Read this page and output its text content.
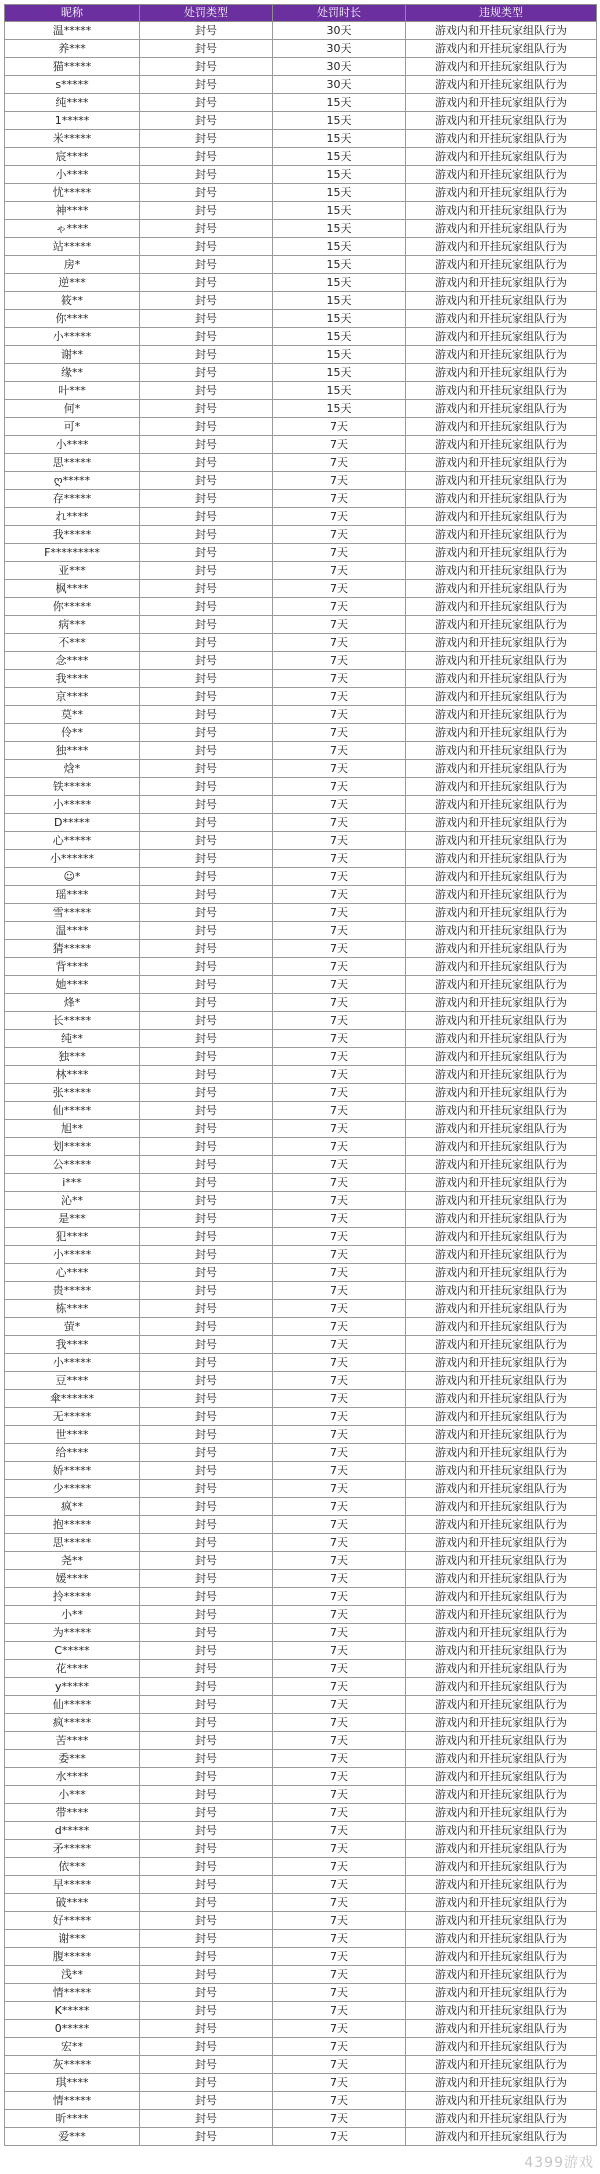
昵称	处罚类型	处罚时长	违规类型
温*****	封号	30天	游戏内和开挂玩家组队行为
养***	封号	30天	游戏内和开挂玩家组队行为
猫*****	封号	30天	游戏内和开挂玩家组队行为
s*****	封号	30天	游戏内和开挂玩家组队行为
纯****	封号	15天	游戏内和开挂玩家组队行为
1*****	封号	15天	游戏内和开挂玩家组队行为
米*****	封号	15天	游戏内和开挂玩家组队行为
宸****	封号	15天	游戏内和开挂玩家组队行为
小****	封号	15天	游戏内和开挂玩家组队行为
忧*****	封号	15天	游戏内和开挂玩家组队行为
神****	封号	15天	游戏内和开挂玩家组队行为
ゃ****	封号	15天	游戏内和开挂玩家组队行为
站*****	封号	15天	游戏内和开挂玩家组队行为
房*	封号	15天	游戏内和开挂玩家组队行为
逆***	封号	15天	游戏内和开挂玩家组队行为
筱**	封号	15天	游戏内和开挂玩家组队行为
你****	封号	15天	游戏内和开挂玩家组队行为
小*****	封号	15天	游戏内和开挂玩家组队行为
谢**	封号	15天	游戏内和开挂玩家组队行为
缘**	封号	15天	游戏内和开挂玩家组队行为
叶***	封号	15天	游戏内和开挂玩家组队行为
何*	封号	15天	游戏内和开挂玩家组队行为
可*	封号	7天	游戏内和开挂玩家组队行为
小****	封号	7天	游戏内和开挂玩家组队行为
思*****	封号	7天	游戏内和开挂玩家组队行为
ღ*****	封号	7天	游戏内和开挂玩家组队行为
存*****	封号	7天	游戏内和开挂玩家组队行为
れ****	封号	7天	游戏内和开挂玩家组队行为
我*****	封号	7天	游戏内和开挂玩家组队行为
F*********	封号	7天	游戏内和开挂玩家组队行为
亚***	封号	7天	游戏内和开挂玩家组队行为
枫****	封号	7天	游戏内和开挂玩家组队行为
你*****	封号	7天	游戏内和开挂玩家组队行为
病***	封号	7天	游戏内和开挂玩家组队行为
不***	封号	7天	游戏内和开挂玩家组队行为
念****	封号	7天	游戏内和开挂玩家组队行为
我****	封号	7天	游戏内和开挂玩家组队行为
京****	封号	7天	游戏内和开挂玩家组队行为
莫**	封号	7天	游戏内和开挂玩家组队行为
伶**	封号	7天	游戏内和开挂玩家组队行为
独****	封号	7天	游戏内和开挂玩家组队行为
焓*	封号	7天	游戏内和开挂玩家组队行为
铁*****	封号	7天	游戏内和开挂玩家组队行为
小*****	封号	7天	游戏内和开挂玩家组队行为
D*****	封号	7天	游戏内和开挂玩家组队行为
心*****	封号	7天	游戏内和开挂玩家组队行为
小******	封号	7天	游戏内和开挂玩家组队行为
☺*	封号	7天	游戏内和开挂玩家组队行为
瑶****	封号	7天	游戏内和开挂玩家组队行为
雪*****	封号	7天	游戏内和开挂玩家组队行为
温****	封号	7天	游戏内和开挂玩家组队行为
猜*****	封号	7天	游戏内和开挂玩家组队行为
背****	封号	7天	游戏内和开挂玩家组队行为
她****	封号	7天	游戏内和开挂玩家组队行为
烽*	封号	7天	游戏内和开挂玩家组队行为
长*****	封号	7天	游戏内和开挂玩家组队行为
纯**	封号	7天	游戏内和开挂玩家组队行为
独***	封号	7天	游戏内和开挂玩家组队行为
林****	封号	7天	游戏内和开挂玩家组队行为
张*****	封号	7天	游戏内和开挂玩家组队行为
仙*****	封号	7天	游戏内和开挂玩家组队行为
旭**	封号	7天	游戏内和开挂玩家组队行为
划*****	封号	7天	游戏内和开挂玩家组队行为
公*****	封号	7天	游戏内和开挂玩家组队行为
i***	封号	7天	游戏内和开挂玩家组队行为
沁**	封号	7天	游戏内和开挂玩家组队行为
是***	封号	7天	游戏内和开挂玩家组队行为
犯****	封号	7天	游戏内和开挂玩家组队行为
小*****	封号	7天	游戏内和开挂玩家组队行为
心****	封号	7天	游戏内和开挂玩家组队行为
贵*****	封号	7天	游戏内和开挂玩家组队行为
栋****	封号	7天	游戏内和开挂玩家组队行为
萤*	封号	7天	游戏内和开挂玩家组队行为
我****	封号	7天	游戏内和开挂玩家组队行为
小*****	封号	7天	游戏内和开挂玩家组队行为
豆****	封号	7天	游戏内和开挂玩家组队行为
傘******	封号	7天	游戏内和开挂玩家组队行为
无*****	封号	7天	游戏内和开挂玩家组队行为
世****	封号	7天	游戏内和开挂玩家组队行为
给****	封号	7天	游戏内和开挂玩家组队行为
娇*****	封号	7天	游戏内和开挂玩家组队行为
少*****	封号	7天	游戏内和开挂玩家组队行为
疯**	封号	7天	游戏内和开挂玩家组队行为
抱*****	封号	7天	游戏内和开挂玩家组队行为
思*****	封号	7天	游戏内和开挂玩家组队行为
尧**	封号	7天	游戏内和开挂玩家组队行为
媛****	封号	7天	游戏内和开挂玩家组队行为
拎*****	封号	7天	游戏内和开挂玩家组队行为
小**	封号	7天	游戏内和开挂玩家组队行为
为*****	封号	7天	游戏内和开挂玩家组队行为
C*****	封号	7天	游戏内和开挂玩家组队行为
花****	封号	7天	游戏内和开挂玩家组队行为
y*****	封号	7天	游戏内和开挂玩家组队行为
仙*****	封号	7天	游戏内和开挂玩家组队行为
疯*****	封号	7天	游戏内和开挂玩家组队行为
苦****	封号	7天	游戏内和开挂玩家组队行为
委***	封号	7天	游戏内和开挂玩家组队行为
水****	封号	7天	游戏内和开挂玩家组队行为
小***	封号	7天	游戏内和开挂玩家组队行为
带****	封号	7天	游戏内和开挂玩家组队行为
d*****	封号	7天	游戏内和开挂玩家组队行为
矛*****	封号	7天	游戏内和开挂玩家组队行为
依***	封号	7天	游戏内和开挂玩家组队行为
早*****	封号	7天	游戏内和开挂玩家组队行为
破****	封号	7天	游戏内和开挂玩家组队行为
好*****	封号	7天	游戏内和开挂玩家组队行为
谢***	封号	7天	游戏内和开挂玩家组队行为
腹*****	封号	7天	游戏内和开挂玩家组队行为
浅**	封号	7天	游戏内和开挂玩家组队行为
情*****	封号	7天	游戏内和开挂玩家组队行为
K*****	封号	7天	游戏内和开挂玩家组队行为
0*****	封号	7天	游戏内和开挂玩家组队行为
宏**	封号	7天	游戏内和开挂玩家组队行为
灰*****	封号	7天	游戏内和开挂玩家组队行为
琪****	封号	7天	游戏内和开挂玩家组队行为
情*****	封号	7天	游戏内和开挂玩家组队行为
昕****	封号	7天	游戏内和开挂玩家组队行为
爱***	封号	7天	游戏内和开挂玩家组队行为
4399游戏
